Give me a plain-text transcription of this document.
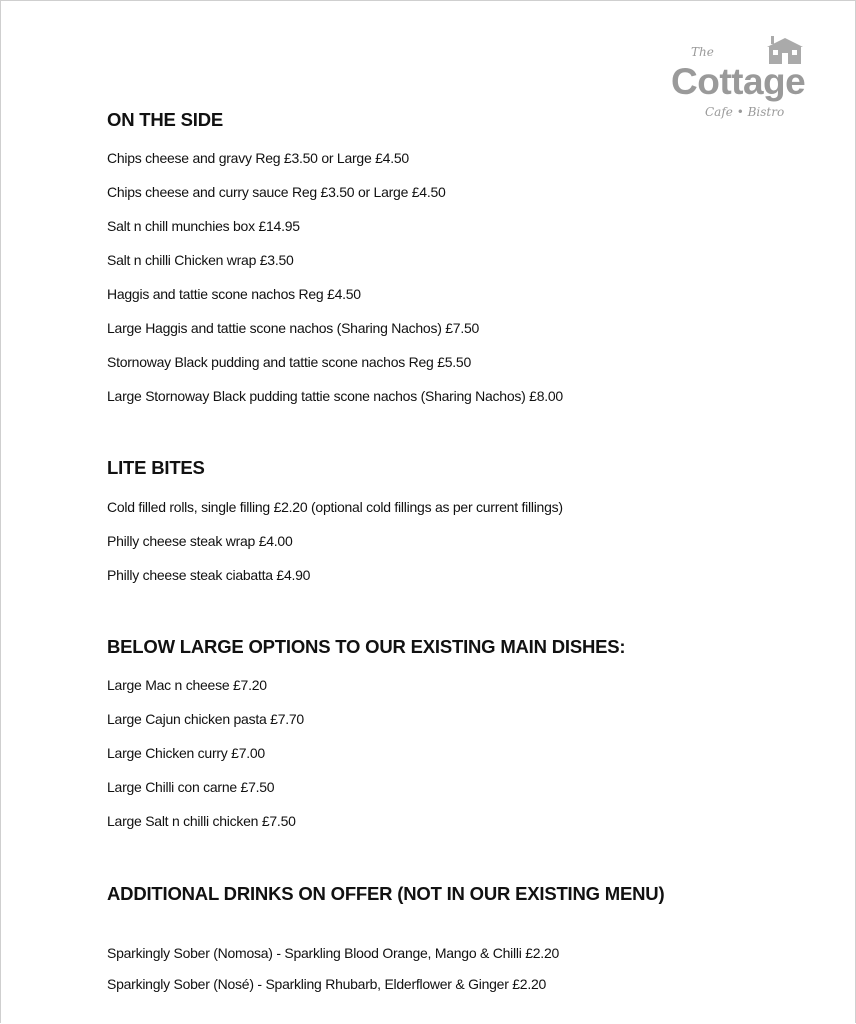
The
Cottage
Cafe • Bistro
ON THE SIDE
Chips cheese and gravy Reg £3.50 or Large £4.50
Chips cheese and curry sauce Reg £3.50 or Large £4.50
Salt n chill munchies box £14.95
Salt n chilli Chicken wrap £3.50
Haggis and tattie scone nachos Reg £4.50
Large Haggis and tattie scone nachos (Sharing Nachos) £7.50
Stornoway Black pudding and tattie scone nachos Reg £5.50
Large Stornoway Black pudding tattie scone nachos (Sharing Nachos) £8.00
LITE BITES
Cold filled rolls, single filling £2.20 (optional cold fillings as per current fillings)
Philly cheese steak wrap £4.00
Philly cheese steak ciabatta £4.90
BELOW LARGE OPTIONS TO OUR EXISTING MAIN DISHES:
Large Mac n cheese £7.20
Large Cajun chicken pasta £7.70
Large Chicken curry £7.00
Large Chilli con carne £7.50
Large Salt n chilli chicken £7.50
ADDITIONAL DRINKS ON OFFER (NOT IN OUR EXISTING MENU)
Sparkingly Sober (Nomosa) - Sparkling Blood Orange, Mango & Chilli £2.20
Sparkingly Sober (Nosé) - Sparkling Rhubarb, Elderflower & Ginger £2.20
